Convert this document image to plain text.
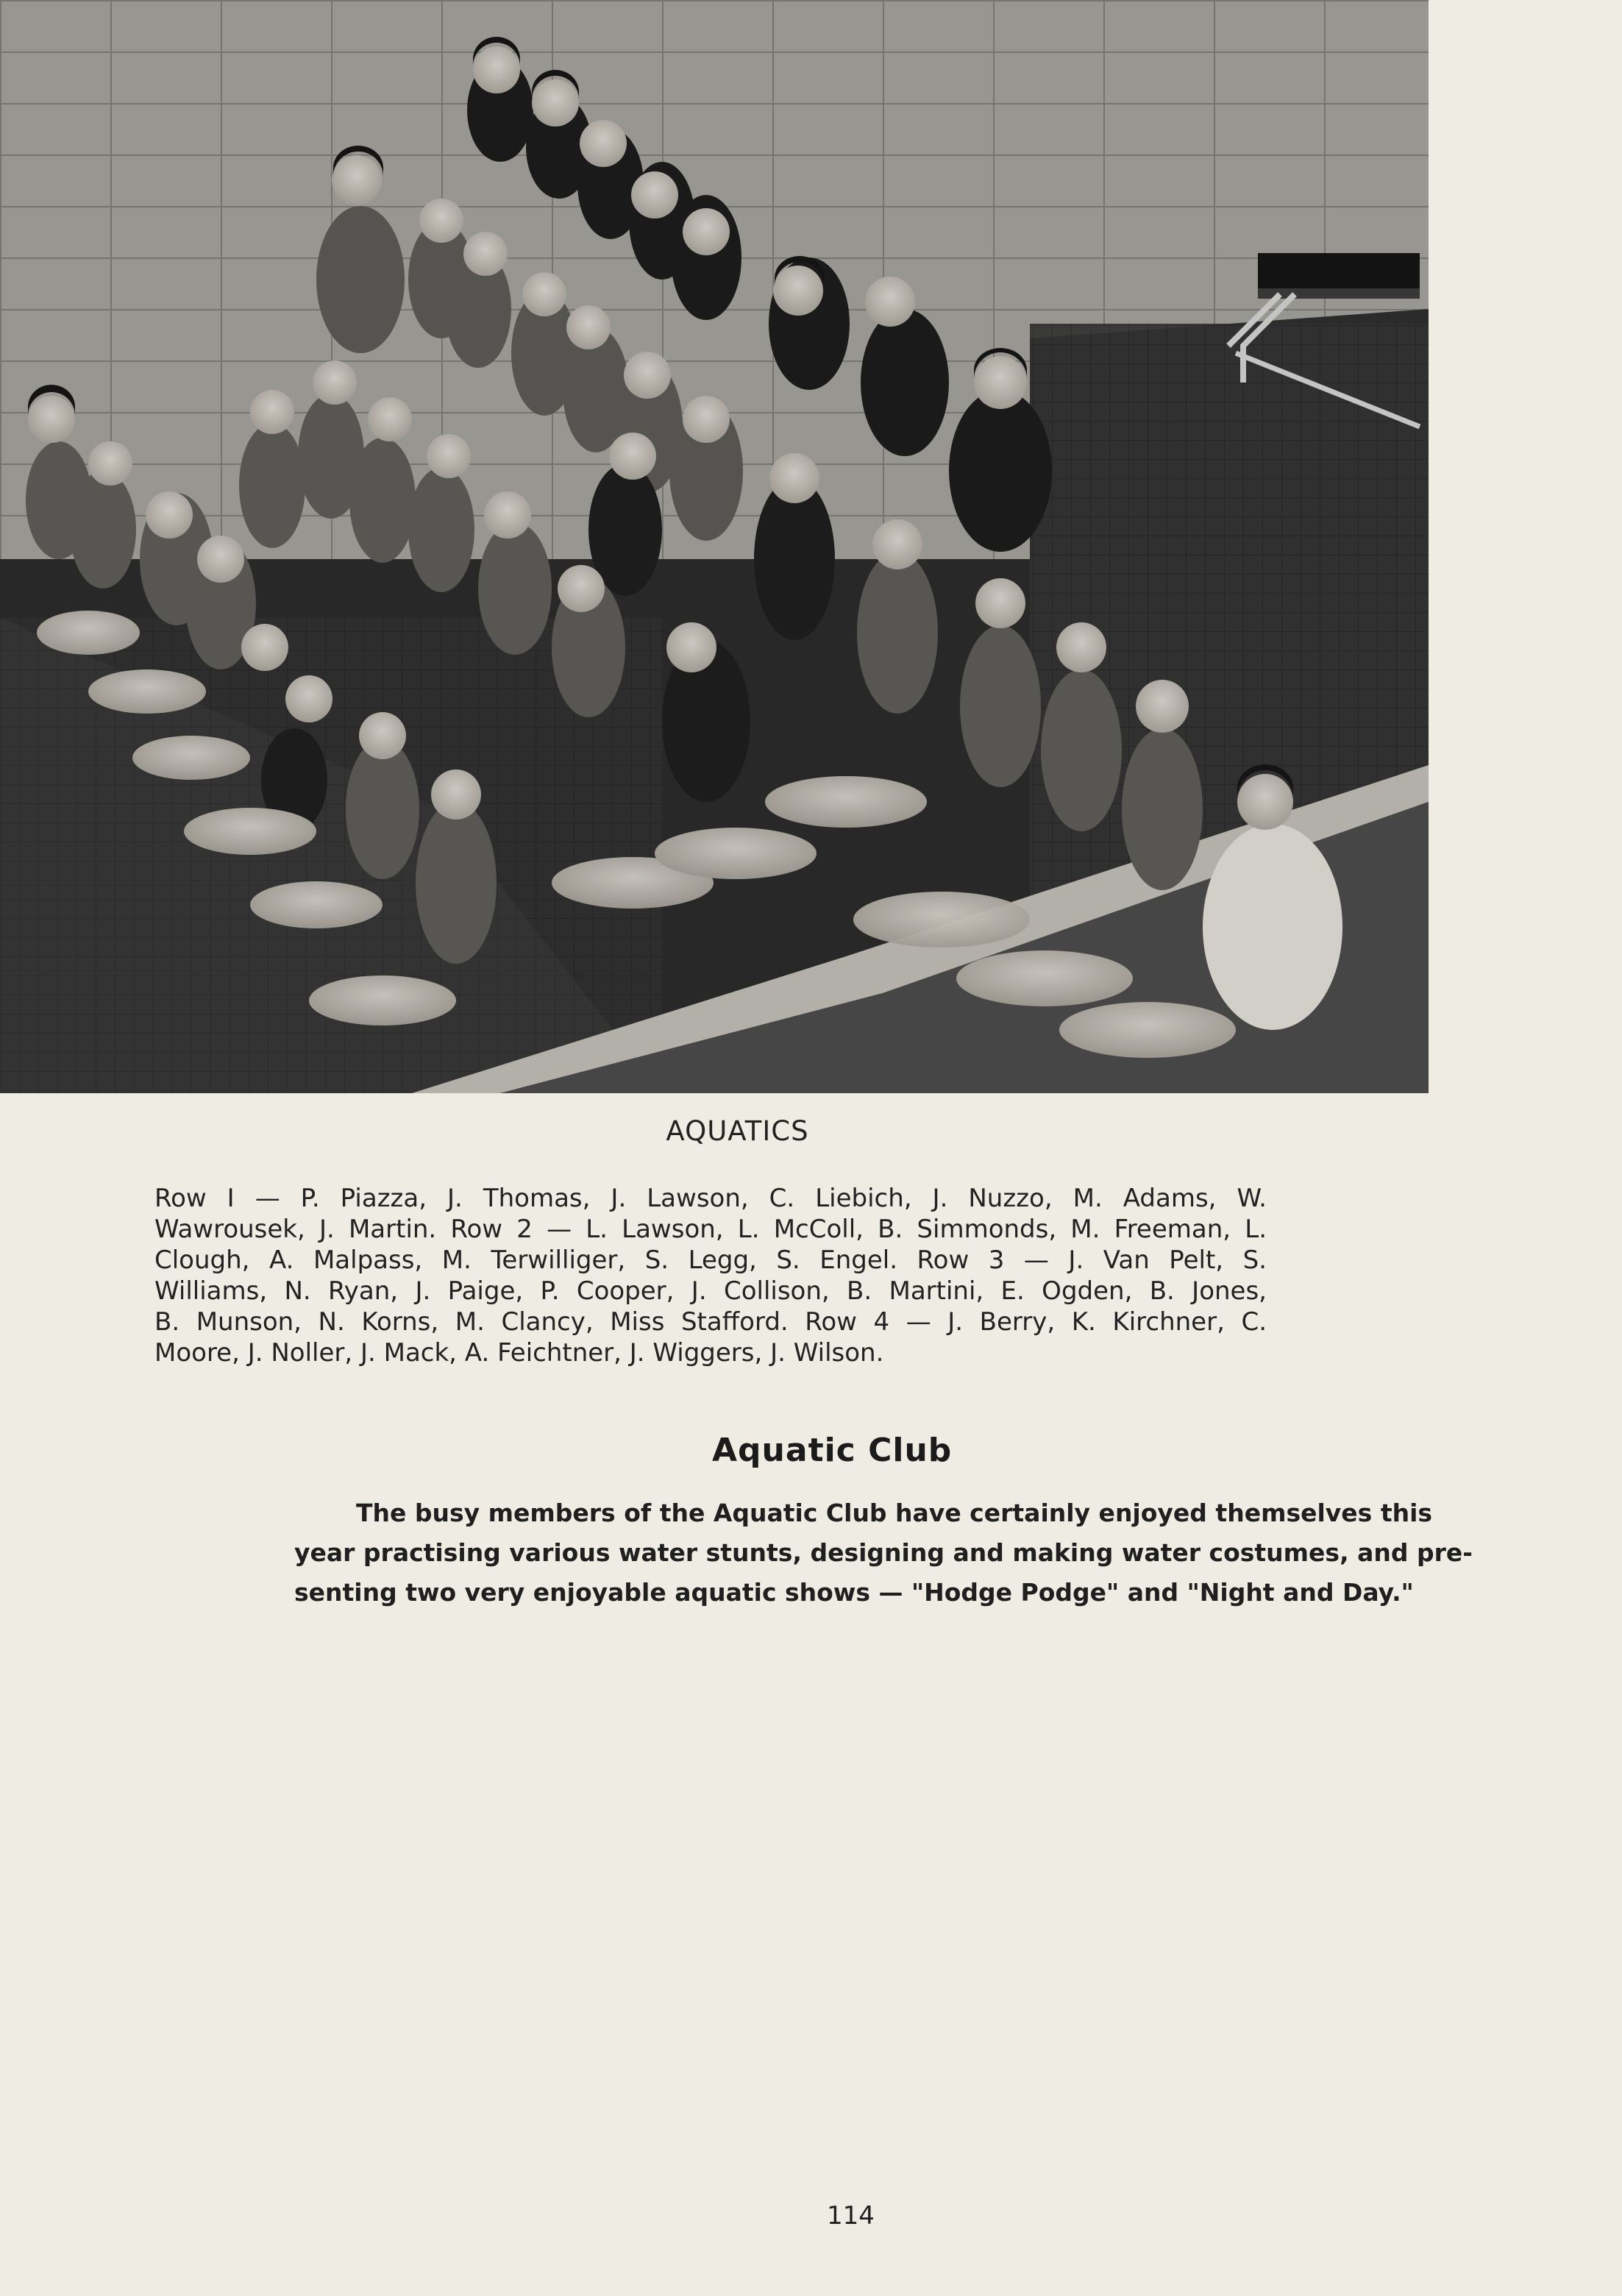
AQUATICS
Row I — P. Piazza, J. Thomas, J. Lawson, C. Liebich, J. Nuzzo, M. Adams, W.
Wawrousek, J. Martin. Row 2 — L. Lawson, L. McColl, B. Simmonds, M. Freeman, L.
Clough, A. Malpass, M. Terwilliger, S. Legg, S. Engel. Row 3 — J. Van Pelt, S.
Williams, N. Ryan, J. Paige, P. Cooper, J. Collison, B. Martini, E. Ogden, B. Jones,
B. Munson, N. Korns, M. Clancy, Miss Stafford. Row 4 — J. Berry, K. Kirchner, C.
Moore, J. Noller, J. Mack, A. Feichtner, J. Wiggers, J. Wilson.
Aquatic Club
The busy members of the Aquatic Club have certainly enjoyed themselves this
year practising various water stunts, designing and making water costumes, and pre-
senting two very enjoyable aquatic shows — "Hodge Podge" and "Night and Day."
114
